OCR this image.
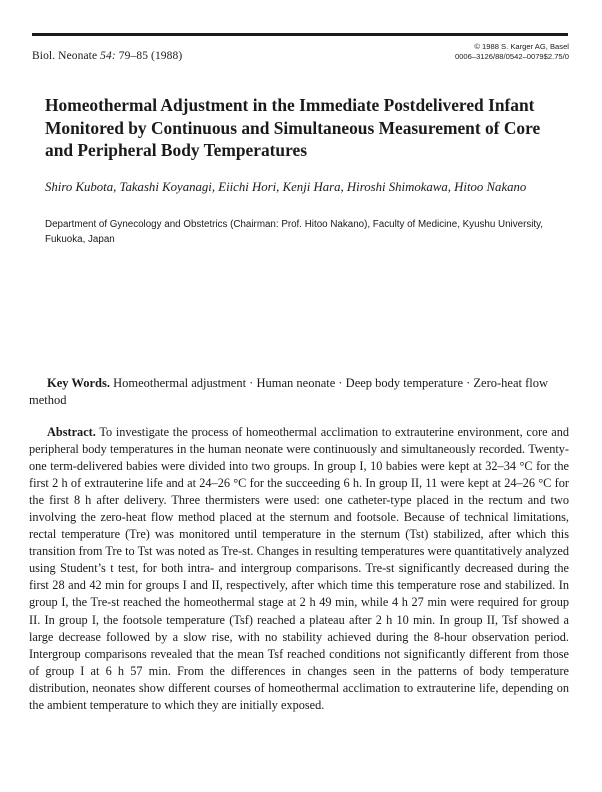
Biol. Neonate 54: 79–85 (1988)
© 1988 S. Karger AG, Basel
0006–3126/88/0542–0079$2.75/0
Homeothermal Adjustment in the Immediate Postdelivered Infant Monitored by Continuous and Simultaneous Measurement of Core and Peripheral Body Temperatures
Shiro Kubota, Takashi Koyanagi, Eiichi Hori, Kenji Hara, Hiroshi Shimokawa, Hitoo Nakano
Department of Gynecology and Obstetrics (Chairman: Prof. Hitoo Nakano), Faculty of Medicine, Kyushu University, Fukuoka, Japan
Key Words. Homeothermal adjustment · Human neonate · Deep body temperature · Zero-heat flow method
Abstract. To investigate the process of homeothermal acclimation to extrauterine environment, core and peripheral body temperatures in the human neonate were continuously and simultaneously recorded. Twenty-one term-delivered babies were divided into two groups. In group I, 10 babies were kept at 32–34 °C for the first 2 h of extrauterine life and at 24–26 °C for the succeeding 6 h. In group II, 11 were kept at 24–26 °C for the first 8 h after delivery. Three thermisters were used: one catheter-type placed in the rectum and two involving the zero-heat flow method placed at the sternum and footsole. Because of technical limitations, rectal temperature (Tre) was monitored until temperature in the sternum (Tst) stabilized, after which this transition from Tre to Tst was noted as Tre-st. Changes in resulting temperatures were quantitatively analyzed using Student’s t test, for both intra- and intergroup comparisons. Tre-st significantly decreased during the first 28 and 42 min for groups I and II, respectively, after which time this temperature rose and stabilized. In group I, the Tre-st reached the homeothermal stage at 2 h 49 min, while 4 h 27 min were required for group II. In group I, the footsole temperature (Tsf) reached a plateau after 2 h 10 min. In group II, Tsf showed a large decrease followed by a slow rise, with no stability achieved during the 8-hour observation period. Intergroup comparisons revealed that the mean Tsf reached conditions not significantly different from those of group I at 6 h 57 min. From the differences in changes seen in the patterns of body temperature distribution, neonates show different courses of homeothermal acclimation to extrauterine life, depending on the ambient temperature to which they are initially exposed.
